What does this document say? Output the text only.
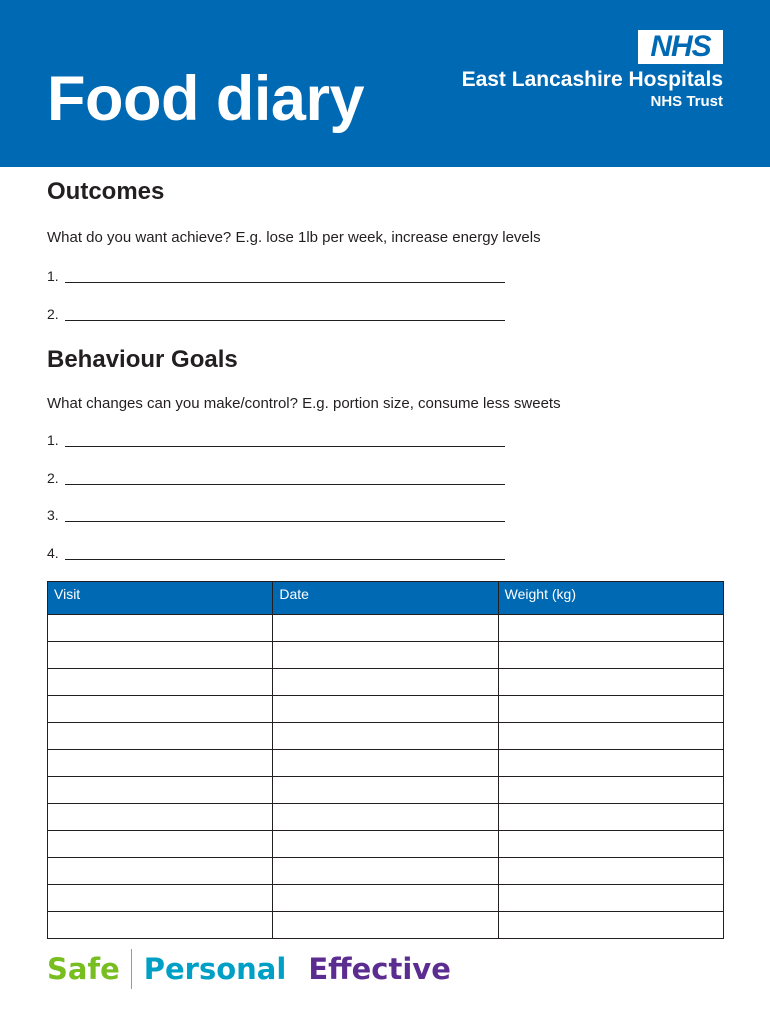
Food diary
NHS
East Lancashire Hospitals
NHS Trust
Outcomes

What do you want achieve? E.g. lose 1lb per week, increase energy levels

1.
2.
Behaviour Goals

What changes can you make/control? E.g. portion size, consume less sweets

1.
2.
3.
4.
Visit	Date	Weight (kg)

Safe Personal Effective
